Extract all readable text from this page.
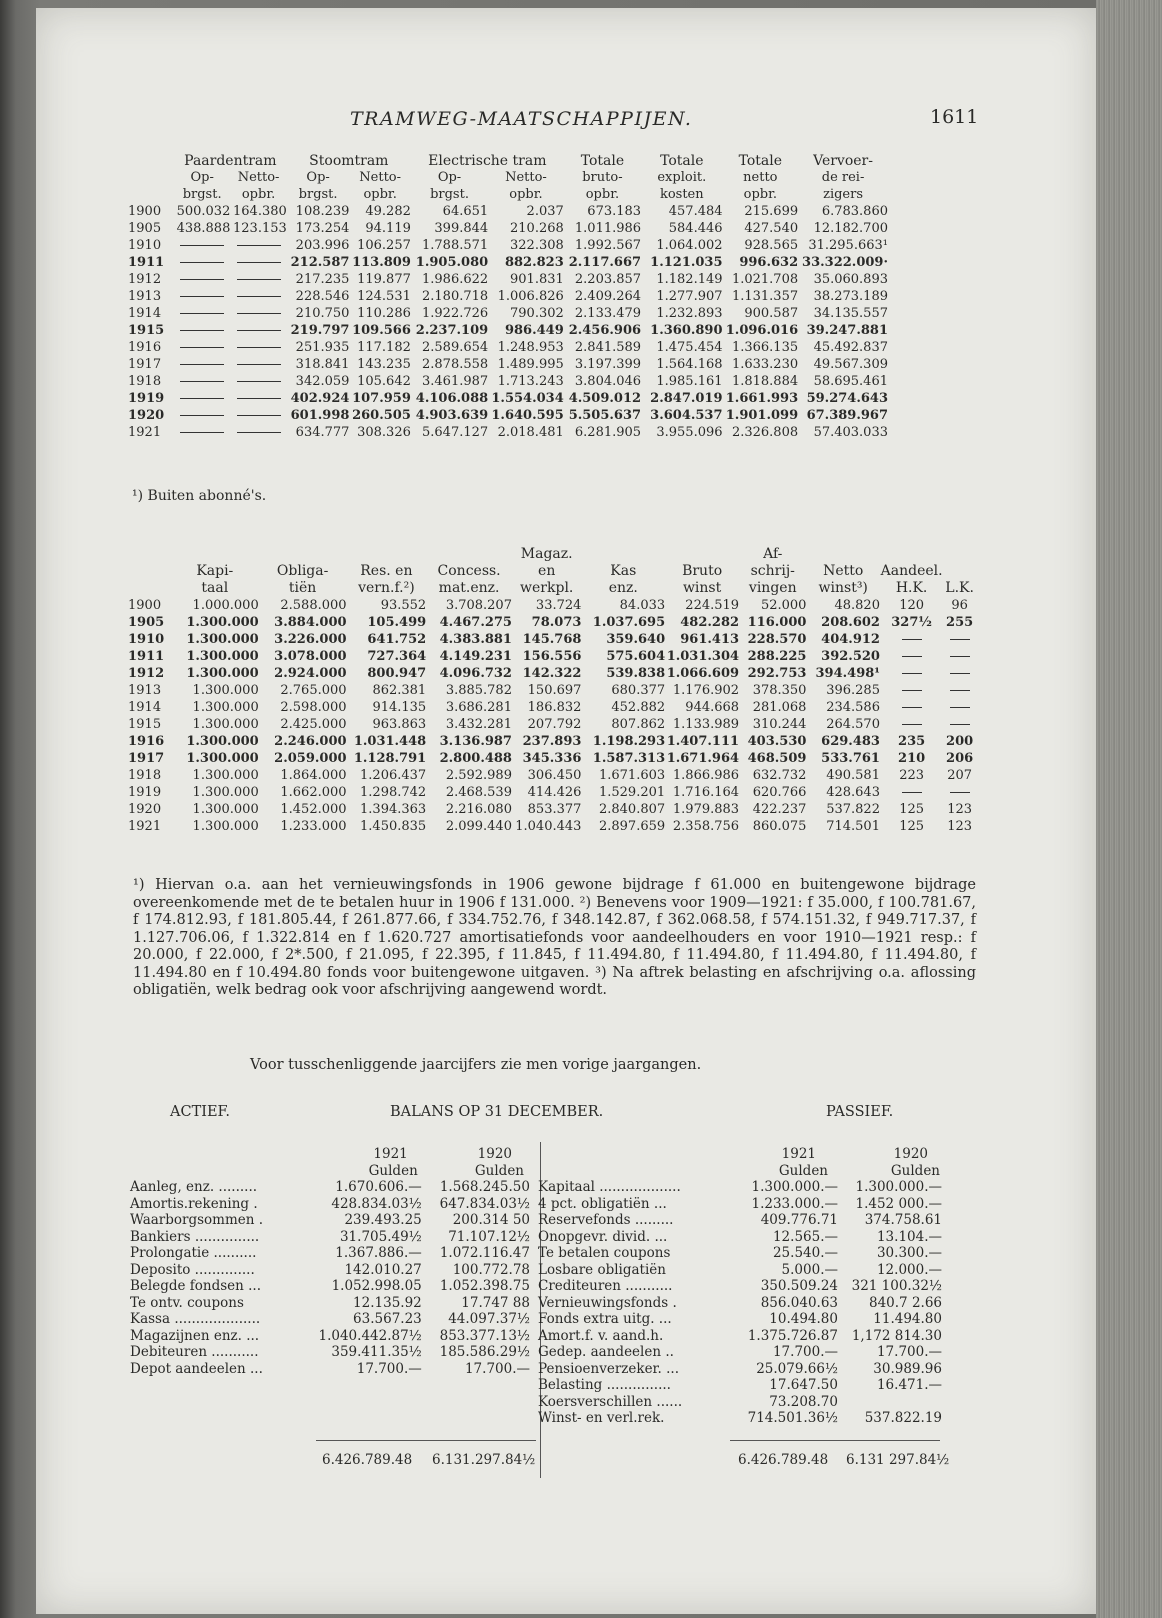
TRAMWEG-MAATSCHAPPIJEN.	1611
	Paardentram		Stoomtram		Electrische tram		Totale	Totale	Totale	Vervoer-
	Op-	Netto-	Op-	Netto-	Op-	Netto-	bruto-	exploit.	netto	de rei-
	brgst.	opbr.	brgst.	opbr.	brgst.	opbr.	opbr.	kosten	opbr.	zigers
1900	500.032	164.380	108.239	49.282	64.651	2.037	673.183	457.484	215.699	6.783.860
1905	438.888	123.153	173.254	94.119	399.844	210.268	1.011.986	584.446	427.540	12.182.700
1910			203.996	106.257	1.788.571	322.308	1.992.567	1.064.002	928.565	31.295.663¹
1911			212.587	113.809	1.905.080	882.823	2.117.667	1.121.035	996.632	33.322.009·
1912			217.235	119.877	1.986.622	901.831	2.203.857	1.182.149	1.021.708	35.060.893
1913			228.546	124.531	2.180.718	1.006.826	2.409.264	1.277.907	1.131.357	38.273.189
1914			210.750	110.286	1.922.726	790.302	2.133.479	1.232.893	900.587	34.135.557
1915			219.797	109.566	2.237.109	986.449	2.456.906	1.360.890	1.096.016	39.247.881
1916			251.935	117.182	2.589.654	1.248.953	2.841.589	1.475.454	1.366.135	45.492.837
1917			318.841	143.235	2.878.558	1.489.995	3.197.399	1.564.168	1.633.230	49.567.309
1918			342.059	105.642	3.461.987	1.713.243	3.804.046	1.985.161	1.818.884	58.695.461
1919			402.924	107.959	4.106.088	1.554.034	4.509.012	2.847.019	1.661.993	59.274.643
1920			601.998	260.505	4.903.639	1.640.595	5.505.637	3.604.537	1.901.099	67.389.967
1921			634.777	308.326	5.647.127	2.018.481	6.281.905	3.955.096	2.326.808	57.403.033
¹) Buiten abonné's.
					Magaz.			Af-			
	Kapi-	Obliga-	Res. en	Concess.	en	Kas	Bruto	schrij-	Netto	Aandeel.	
	taal	tiën	vern.f.²)	mat.enz.	werkpl.	enz.	winst	vingen	winst³)	H.K.	L.K.
1900	1.000.000	2.588.000	93.552	3.708.207	33.724	84.033	224.519	52.000	48.820	120	96
1905	1.300.000	3.884.000	105.499	4.467.275	78.073	1.037.695	482.282	116.000	208.602	327½	255
1910	1.300.000	3.226.000	641.752	4.383.881	145.768	359.640	961.413	228.570	404.912		
1911	1.300.000	3.078.000	727.364	4.149.231	156.556	575.604	1.031.304	288.225	392.520		
1912	1.300.000	2.924.000	800.947	4.096.732	142.322	539.838	1.066.609	292.753	394.498¹		
1913	1.300.000	2.765.000	862.381	3.885.782	150.697	680.377	1.176.902	378.350	396.285		
1914	1.300.000	2.598.000	914.135	3.686.281	186.832	452.882	944.668	281.068	234.586		
1915	1.300.000	2.425.000	963.863	3.432.281	207.792	807.862	1.133.989	310.244	264.570		
1916	1.300.000	2.246.000	1.031.448	3.136.987	237.893	1.198.293	1.407.111	403.530	629.483	235	200
1917	1.300.000	2.059.000	1.128.791	2.800.488	345.336	1.587.313	1.671.964	468.509	533.761	210	206
1918	1.300.000	1.864.000	1.206.437	2.592.989	306.450	1.671.603	1.866.986	632.732	490.581	223	207
1919	1.300.000	1.662.000	1.298.742	2.468.539	414.426	1.529.201	1.716.164	620.766	428.643		
1920	1.300.000	1.452.000	1.394.363	2.216.080	853.377	2.840.807	1.979.883	422.237	537.822	125	123
1921	1.300.000	1.233.000	1.450.835	2.099.440	1.040.443	2.897.659	2.358.756	860.075	714.501	125	123
¹) Hiervan o.a. aan het vernieuwingsfonds in 1906 gewone bijdrage f 61.000 en buitengewone bijdrage overeenkomende met de te betalen huur in 1906 f 131.000. ²) Benevens voor 1909—1921: f 35.000, f 100.781.67, f 174.812.93, f 181.805.44, f 261.877.66, f 334.752.76, f 348.142.87, f 362.068.58, f 574.151.32, f 949.717.37, f 1.127.706.06, f 1.322.814 en f 1.620.727 amortisatiefonds voor aandeelhouders en voor 1910—1921 resp.: f 20.000, f 22.000, f 2*.500, f 21.095, f 22.395, f 11.845, f 11.494.80, f 11.494.80, f 11.494.80, f 11.494.80, f 11.494.80 en f 10.494.80 fonds voor buitengewone uitgaven. ³) Na aftrek belasting en afschrijving o.a. aflossing obligatiën, welk bedrag ook voor afschrijving aangewend wordt.
Voor tusschenliggende jaarcijfers zie men vorige jaargangen.
ACTIEF.	BALANS OP 31 DECEMBER.	PASSIEF.
	1921	1920
	Gulden	Gulden
Aanleg, enz. .........	1.670.606.—	1.568.245.50
Amortis.rekening .	428.834.03½	647.834.03½
Waarborgsommen .	239.493.25	200.314 50
Bankiers ...............	31.705.49½	71.107.12½
Prolongatie ..........	1.367.886.—	1.072.116.47
Deposito ..............	142.010.27	100.772.78
Belegde fondsen ...	1.052.998.05	1.052.398.75
Te ontv. coupons	12.135.92	17.747 88
Kassa ....................	63.567.23	44.097.37½
Magazijnen enz. ...	1.040.442.87½	853.377.13½
Debiteuren ...........	359.411.35½	185.586.29½
Depot aandeelen ...	17.700.—	17.700.—
	1921	1920
	Gulden	Gulden
Kapitaal ...................	1.300.000.—	1.300.000.—
4 pct. obligatiën ...	1.233.000.—	1.452 000.—
Reservefonds .........	409.776.71	374.758.61
Onopgevr. divid. ...	12.565.—	13.104.—
Te betalen coupons	25.540.—	30.300.—
Losbare obligatiën	5.000.—	12.000.—
Crediteuren ...........	350.509.24	321 100.32½
Vernieuwingsfonds .	856.040.63	840.7 2.66
Fonds extra uitg. ...	10.494.80	11.494.80
Amort.f. v. aand.h.	1.375.726.87	1,172 814.30
Gedep. aandeelen ..	17.700.—	17.700.—
Pensioenverzeker. ...	25.079.66½	30.989.96
Belasting ...............	17.647.50	16.471.—
Koersverschillen ......	73.208.70	
Winst- en verl.rek.	714.501.36½	537.822.19
6.426.789.48 6.131.297.84½	6.426.789.48 6.131 297.84½
